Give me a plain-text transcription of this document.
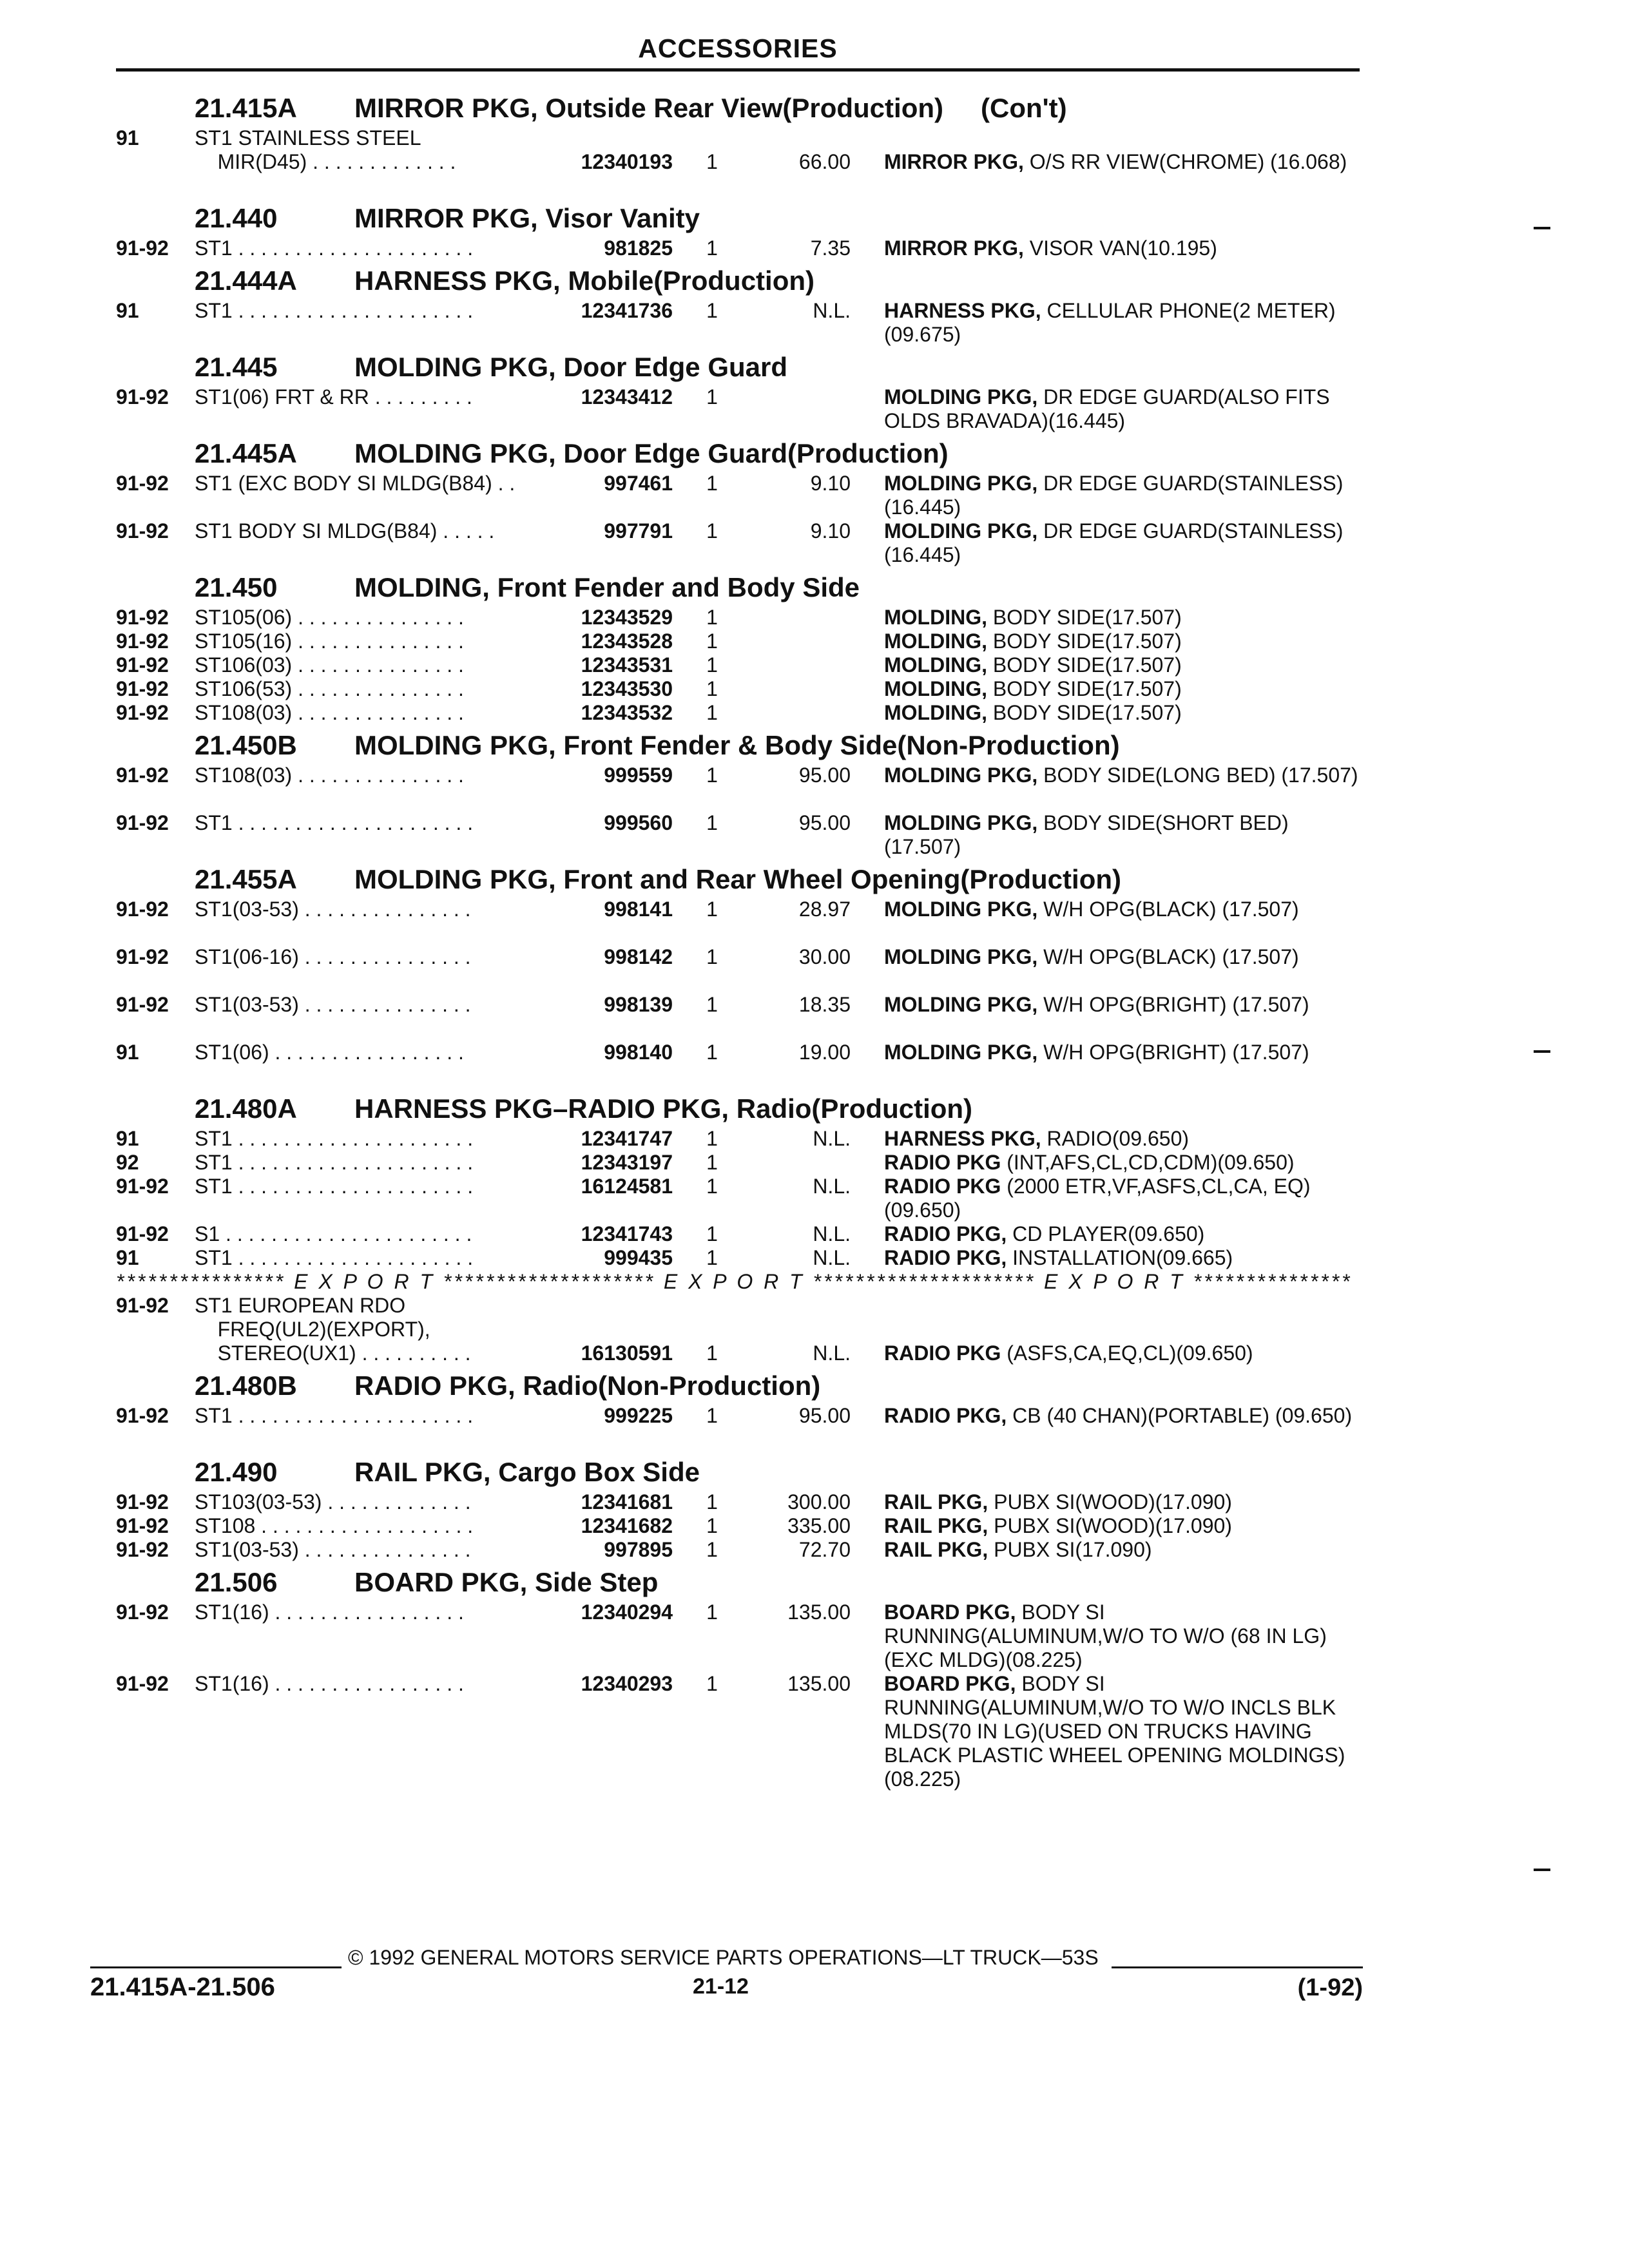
ACCESSORIES
21.415A MIRROR PKG, Outside Rear View(Production) (Con't)
91	ST1 STAINLESS STEEL
MIR(D45) . . . . . . . . . . . . .	12340193 1	66.00 MIRROR PKG, O/S RR VIEW(CHROME) (16.068)
21.440	MIRROR PKG, Visor Vanity
91-92	ST1 . . . . . . . . . . . . . . . . . . . . .	981825 1	7.35 MIRROR PKG, VISOR VAN(10.195)
21.444A HARNESS PKG, Mobile(Production)
91	ST1 . . . . . . . . . . . . . . . . . . . . .	12341736 1	N.L. HARNESS PKG, CELLULAR PHONE(2 METER)(09.675)
21.445	MOLDING PKG, Door Edge Guard
91-92	ST1(06) FRT & RR . . . . . . . . .	12343412 1	MOLDING PKG, DR EDGE GUARD(ALSO FITS OLDS BRAVADA)(16.445)
21.445A MOLDING PKG, Door Edge Guard(Production)
91-92	ST1 (EXC BODY SI MLDG(B84) . .	997461 1	9.10 MOLDING PKG, DR EDGE GUARD(STAINLESS)(16.445)
91-92	ST1 BODY SI MLDG(B84) . . . . .	997791 1	9.10 MOLDING PKG, DR EDGE GUARD(STAINLESS)(16.445)
21.450	MOLDING, Front Fender and Body Side
91-92	ST105(06) . . . . . . . . . . . . . . .	12343529 1	MOLDING, BODY SIDE(17.507)
91-92	ST105(16) . . . . . . . . . . . . . . .	12343528 1	MOLDING, BODY SIDE(17.507)
91-92	ST106(03) . . . . . . . . . . . . . . .	12343531 1	MOLDING, BODY SIDE(17.507)
91-92	ST106(53) . . . . . . . . . . . . . . .	12343530 1	MOLDING, BODY SIDE(17.507)
91-92	ST108(03) . . . . . . . . . . . . . . .	12343532 1	MOLDING, BODY SIDE(17.507)
21.450B MOLDING PKG, Front Fender & Body Side(Non-Production)
91-92	ST108(03) . . . . . . . . . . . . . . .	999559 1	95.00 MOLDING PKG, BODY SIDE(LONG BED) (17.507)
91-92	ST1 . . . . . . . . . . . . . . . . . . . . .	999560 1	95.00 MOLDING PKG, BODY SIDE(SHORT BED) (17.507)
21.455A MOLDING PKG, Front and Rear Wheel Opening(Production)
91-92	ST1(03-53) . . . . . . . . . . . . . . .	998141 1	28.97 MOLDING PKG, W/H OPG(BLACK) (17.507)
91-92	ST1(06-16) . . . . . . . . . . . . . . .	998142 1	30.00 MOLDING PKG, W/H OPG(BLACK) (17.507)
91-92	ST1(03-53) . . . . . . . . . . . . . . .	998139 1	18.35 MOLDING PKG, W/H OPG(BRIGHT) (17.507)
91	ST1(06) . . . . . . . . . . . . . . . . .	998140 1	19.00 MOLDING PKG, W/H OPG(BRIGHT) (17.507)
21.480A HARNESS PKG–RADIO PKG, Radio(Production)
91	ST1 . . . . . . . . . . . . . . . . . . . . .	12341747 1	N.L. HARNESS PKG, RADIO(09.650)
92	ST1 . . . . . . . . . . . . . . . . . . . . .	12343197 1	RADIO PKG (INT,AFS,CL,CD,CDM)(09.650)
91-92	ST1 . . . . . . . . . . . . . . . . . . . . .	16124581 1	N.L. RADIO PKG (2000 ETR,VF,ASFS,CL,CA, EQ)(09.650)
91-92	S1 . . . . . . . . . . . . . . . . . . . . . .	12341743 1	N.L. RADIO PKG, CD PLAYER(09.650)
91	ST1 . . . . . . . . . . . . . . . . . . . . .	999435 1	N.L. RADIO PKG, INSTALLATION(09.665)
**************** E X P O R T ******************** E X P O R T ********************* E X P O R T ***************
91-92	ST1 EUROPEAN RDO
FREQ(UL2)(EXPORT),
STEREO(UX1) . . . . . . . . . .	16130591 1	N.L. RADIO PKG (ASFS,CA,EQ,CL)(09.650)
21.480B RADIO PKG, Radio(Non-Production)
91-92	ST1 . . . . . . . . . . . . . . . . . . . . .	999225 1	95.00 RADIO PKG, CB (40 CHAN)(PORTABLE) (09.650)
21.490	RAIL PKG, Cargo Box Side
91-92	ST103(03-53) . . . . . . . . . . . . .	12341681 1	300.00 RAIL PKG, PUBX SI(WOOD)(17.090)
91-92	ST108 . . . . . . . . . . . . . . . . . . .	12341682 1	335.00 RAIL PKG, PUBX SI(WOOD)(17.090)
91-92	ST1(03-53) . . . . . . . . . . . . . . .	997895 1	72.70 RAIL PKG, PUBX SI(17.090)
21.506	BOARD PKG, Side Step
91-92	ST1(16) . . . . . . . . . . . . . . . . .	12340294 1	135.00 BOARD PKG, BODY SI RUNNING(ALUMINUM,W/O TO W/O (68 IN LG)(EXC MLDG)(08.225)
91-92	ST1(16) . . . . . . . . . . . . . . . . .	12340293 1	135.00 BOARD PKG, BODY SI RUNNING(ALUMINUM,W/O TO W/O INCLS BLK MLDS(70 IN LG)(USED ON TRUCKS HAVING BLACK PLASTIC WHEEL OPENING MOLDINGS)(08.225)
© 1992 GENERAL MOTORS SERVICE PARTS OPERATIONS—LT TRUCK—53S
21.415A-21.506	21-12	(1-92)
